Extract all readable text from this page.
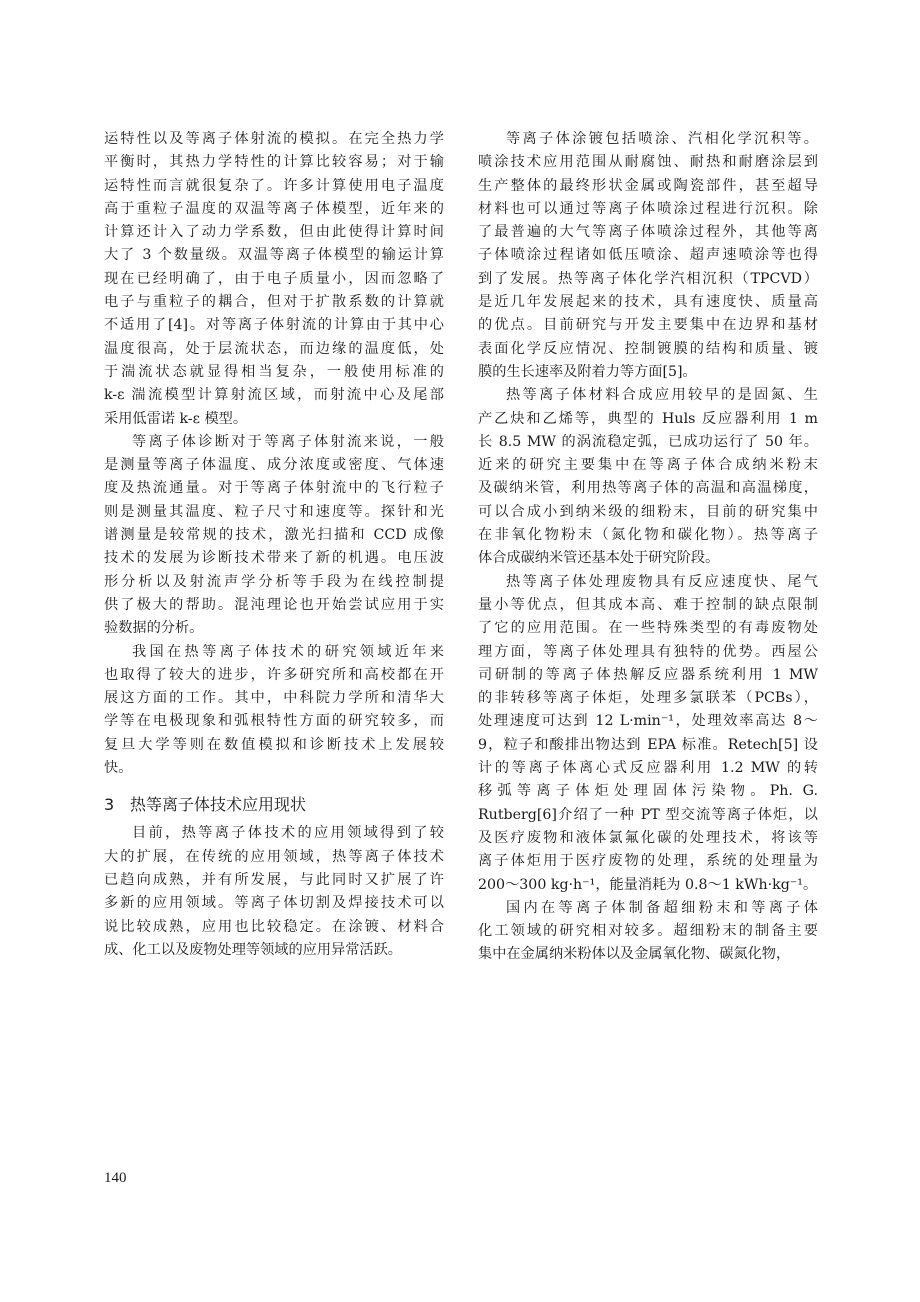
运特性以及等离子体射流的模拟。在完全热力学
平衡时，其热力学特性的计算比较容易；对于输
运特性而言就很复杂了。许多计算使用电子温度
高于重粒子温度的双温等离子体模型，近年来的
计算还计入了动力学系数，但由此使得计算时间
大了 3 个数量级。双温等离子体模型的输运计算
现在已经明确了，由于电子质量小，因而忽略了
电子与重粒子的耦合，但对于扩散系数的计算就
不适用了[4]。对等离子体射流的计算由于其中心
温度很高，处于层流状态，而边缘的温度低，处
于湍流状态就显得相当复杂，一般使用标准的
k-ε 湍流模型计算射流区域，而射流中心及尾部
采用低雷诺 k-ε 模型。
等离子体诊断对于等离子体射流来说，一般
是测量等离子体温度、成分浓度或密度、气体速
度及热流通量。对于等离子体射流中的飞行粒子
则是测量其温度、粒子尺寸和速度等。探针和光
谱测量是较常规的技术，激光扫描和 CCD 成像
技术的发展为诊断技术带来了新的机遇。电压波
形分析以及射流声学分析等手段为在线控制提
供了极大的帮助。混沌理论也开始尝试应用于实
验数据的分析。
我国在热等离子体技术的研究领域近年来
也取得了较大的进步，许多研究所和高校都在开
展这方面的工作。其中，中科院力学所和清华大
学等在电极现象和弧根特性方面的研究较多，而
复旦大学等则在数值模拟和诊断技术上发展较
快。
3 热等离子体技术应用现状
目前，热等离子体技术的应用领域得到了较
大的扩展，在传统的应用领域，热等离子体技术
已趋向成熟，并有所发展，与此同时又扩展了许
多新的应用领域。等离子体切割及焊接技术可以
说比较成熟，应用也比较稳定。在涂镀、材料合
成、化工以及废物处理等领域的应用异常活跃。
等离子体涂镀包括喷涂、汽相化学沉积等。
喷涂技术应用范围从耐腐蚀、耐热和耐磨涂层到
生产整体的最终形状金属或陶瓷部件，甚至超导
材料也可以通过等离子体喷涂过程进行沉积。除
了最普遍的大气等离子体喷涂过程外，其他等离
子体喷涂过程诸如低压喷涂、超声速喷涂等也得
到了发展。热等离子体化学汽相沉积（TPCVD）
是近几年发展起来的技术，具有速度快、质量高
的优点。目前研究与开发主要集中在边界和基材
表面化学反应情况、控制镀膜的结构和质量、镀
膜的生长速率及附着力等方面[5]。
热等离子体材料合成应用较早的是固氮、生
产乙炔和乙烯等，典型的 Huls 反应器利用 1 m
长 8.5 MW 的涡流稳定弧，已成功运行了 50 年。
近来的研究主要集中在等离子体合成纳米粉末
及碳纳米管，利用热等离子体的高温和高温梯度，
可以合成小到纳米级的细粉末，目前的研究集中
在非氧化物粉末（氮化物和碳化物）。热等离子
体合成碳纳米管还基本处于研究阶段。
热等离子体处理废物具有反应速度快、尾气
量小等优点，但其成本高、难于控制的缺点限制
了它的应用范围。在一些特殊类型的有毒废物处
理方面，等离子体处理具有独特的优势。西屋公
司研制的等离子体热解反应器系统利用 1 MW
的非转移等离子体炬，处理多氯联苯（PCBs），
处理速度可达到 12 L·min⁻¹，处理效率高达 8～
9，粒子和酸排出物达到 EPA 标准。Retech[5] 设
计的等离子体离心式反应器利用 1.2 MW 的转
移弧等离子体炬处理固体污染物。Ph. G.
Rutberg[6]介绍了一种 PT 型交流等离子体炬，以
及医疗废物和液体氯氟化碳的处理技术，将该等
离子体炬用于医疗废物的处理，系统的处理量为
200～300 kg·h⁻¹，能量消耗为 0.8～1 kWh·kg⁻¹。
国内在等离子体制备超细粉末和等离子体
化工领域的研究相对较多。超细粉末的制备主要
集中在金属纳米粉体以及金属氧化物、碳氮化物，
140
